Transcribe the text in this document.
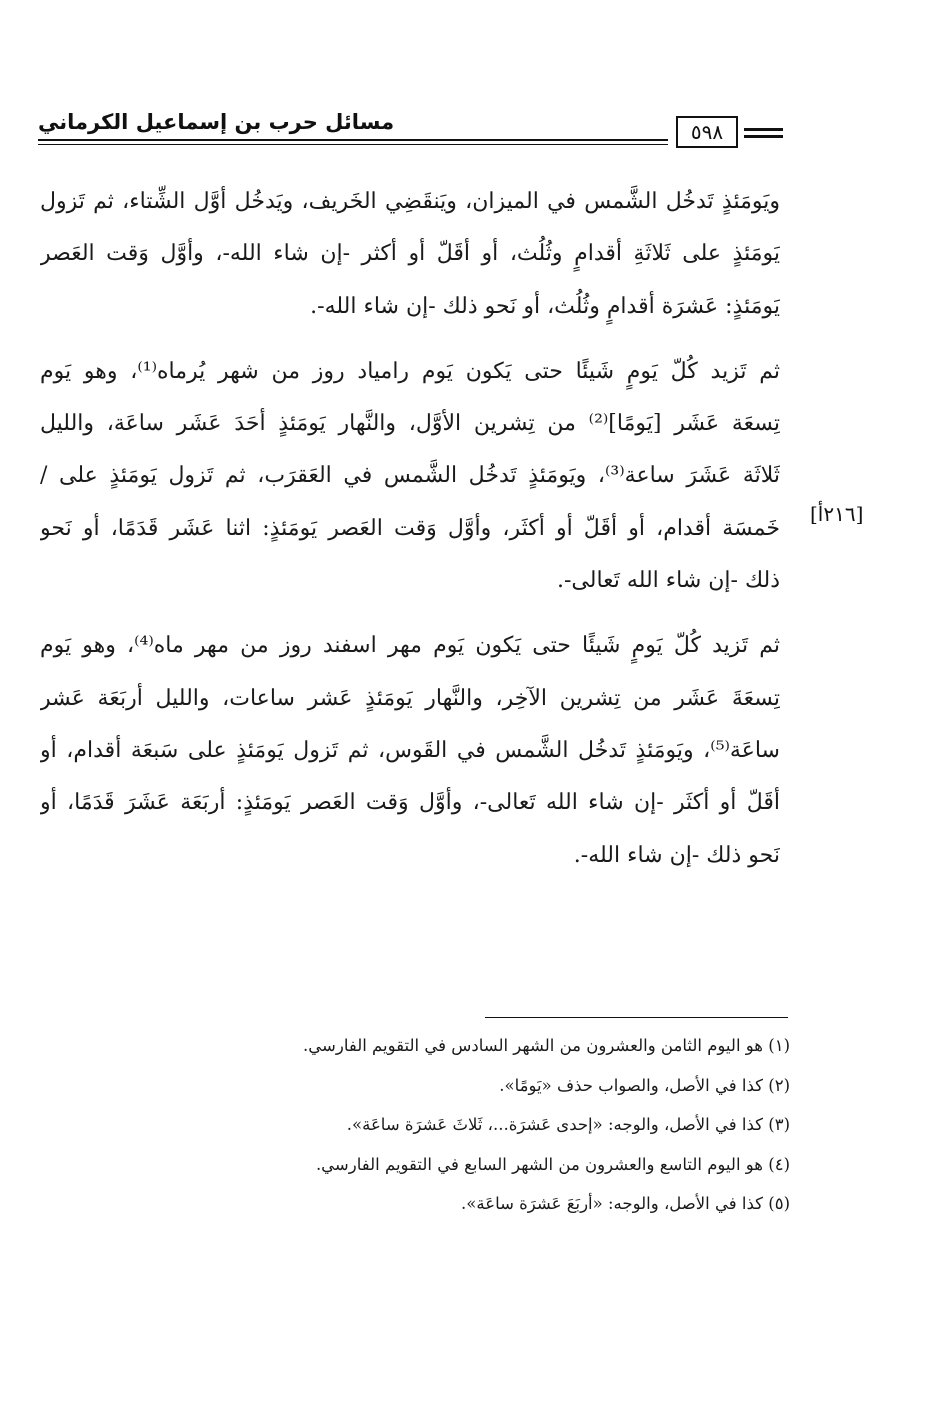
مسائل حرب بن إسماعيل الكرماني	٥٩٨
[٢١٦أ]

ويَومَئذٍ تَدخُل الشَّمس في الميزان، ويَنقَضِي الخَريف، ويَدخُل أوَّل الشِّتاء، ثم تَزول
يَومَئذٍ على ثَلاثَةِ أقدامٍ وثُلُث، أو أقَلّ أو أكثر -إن شاء الله-، وأوَّل وَقت العَصر
يَومَئذٍ: عَشرَة أقدامٍ وثُلُث، أو نَحو ذلك -إن شاء الله-.

ثم تَزيد كُلّ يَومٍ شَيئًا حتى يَكون يَوم رامياد روز من شهر يُرماه⁽¹⁾، وهو يَوم
تِسعَة عَشَر [يَومًا]⁽²⁾ من تِشرين الأوَّل، والنَّهار يَومَئذٍ أحَدَ عَشَر ساعَة، والليل
ثَلاثَة عَشَرَ ساعة⁽³⁾، ويَومَئذٍ تَدخُل الشَّمس في العَقرَب، ثم تَزول يَومَئذٍ على /
خَمسَة أقدام، أو أقَلّ أو أكثَر، وأوَّل وَقت العَصر يَومَئذٍ: اثنا عَشَر قَدَمًا، أو نَحو
ذلك -إن شاء الله تَعالى-.

ثم تَزيد كُلّ يَومٍ شَيئًا حتى يَكون يَوم مهر اسفند روز من مهر ماه⁽⁴⁾، وهو يَوم
تِسعَةَ عَشَر من تِشرين الآخِر، والنَّهار يَومَئذٍ عَشر ساعات، والليل أربَعَة عَشر
ساعَة⁽⁵⁾، ويَومَئذٍ تَدخُل الشَّمس في القَوس، ثم تَزول يَومَئذٍ على سَبعَة أقدام، أو
أقَلّ أو أكثَر -إن شاء الله تَعالى-، وأوَّل وَقت العَصر يَومَئذٍ: أربَعَة عَشَرَ قَدَمًا، أو
نَحو ذلك -إن شاء الله-.

(١) هو اليوم الثامن والعشرون من الشهر السادس في التقويم الفارسي.
(٢) كذا في الأصل، والصواب حذف «يَومًا».
(٣) كذا في الأصل، والوجه: «إحدى عَشرَة...، ثَلاثَ عَشرَة ساعَة».
(٤) هو اليوم التاسع والعشرون من الشهر السابع في التقويم الفارسي.
(٥) كذا في الأصل، والوجه: «أربَعَ عَشرَة ساعَة».
